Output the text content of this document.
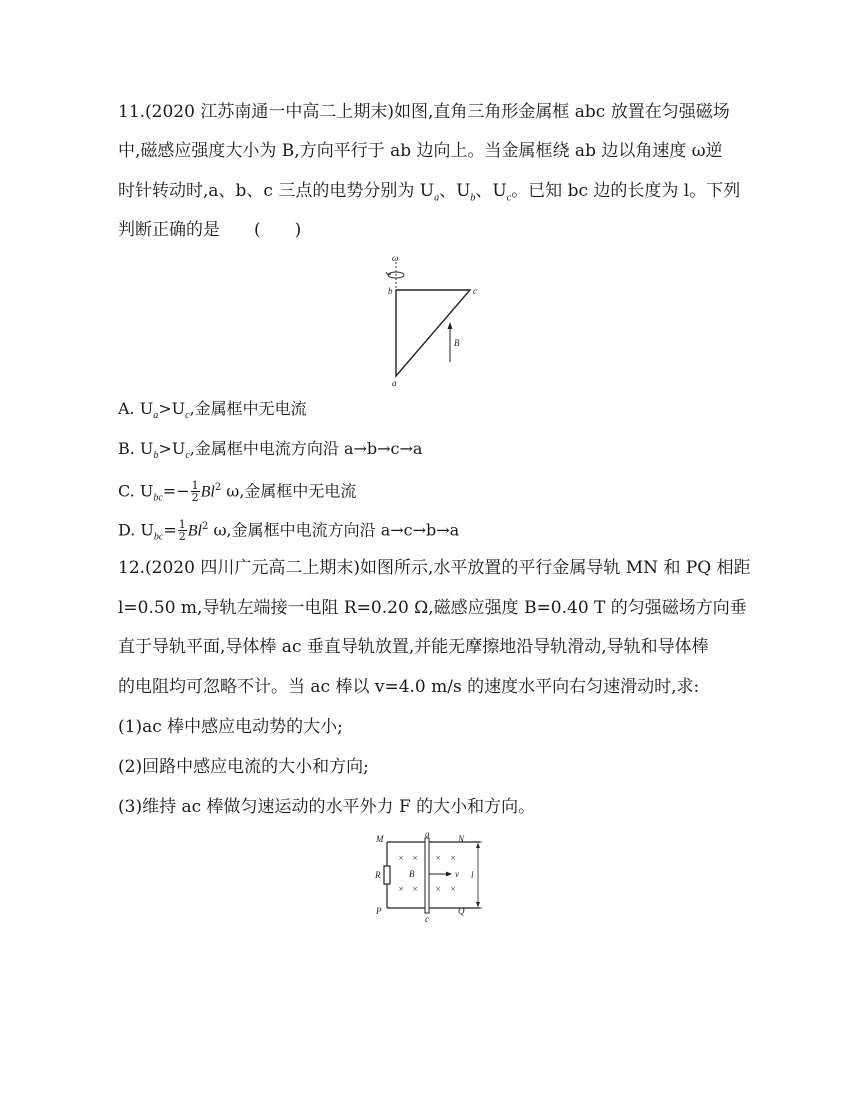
11.(2020 江苏南通一中高二上期末)如图,直角三角形金属框 abc 放置在匀强磁场
中,磁感应强度大小为 B,方向平行于 ab 边向上。当金属框绕 ab 边以角速度 ω逆
时针转动时,a、b、c 三点的电势分别为 $U_a$、$U_b$、$U_c$。已知 bc 边的长度为 l。下列
判断正确的是　　(　　)
ω
b	c
a
B
A. $U_a>U_c$,金属框中无电流
B. $U_b>U_c$,金属框中电流方向沿 a→b→c→a
C. $U_{bc}=- \frac{1}{2} Bl^2$ ω,金属框中无电流
D. $U_{bc}= \frac{1}{2} Bl^2$ ω,金属框中电流方向沿 a→c→b→a
12.(2020 四川广元高二上期末)如图所示,水平放置的平行金属导轨 MN 和 PQ 相距
l=0.50 m,导轨左端接一电阻 R=0.20 Ω,磁感应强度 B=0.40 T 的匀强磁场方向垂
直于导轨平面,导体棒 ac 垂直导轨放置,并能无摩擦地沿导轨滑动,导轨和导体棒
的电阻均可忽略不计。当 ac 棒以 v=4.0 m/s 的速度水平向右匀速滑动时,求:
(1)ac 棒中感应电动势的大小;
(2)回路中感应电流的大小和方向;
(3)维持 ac 棒做匀速运动的水平外力 F 的大小和方向。
R
M
P
N
Q
a
c
× × × ×
× × × ×
B	v l
